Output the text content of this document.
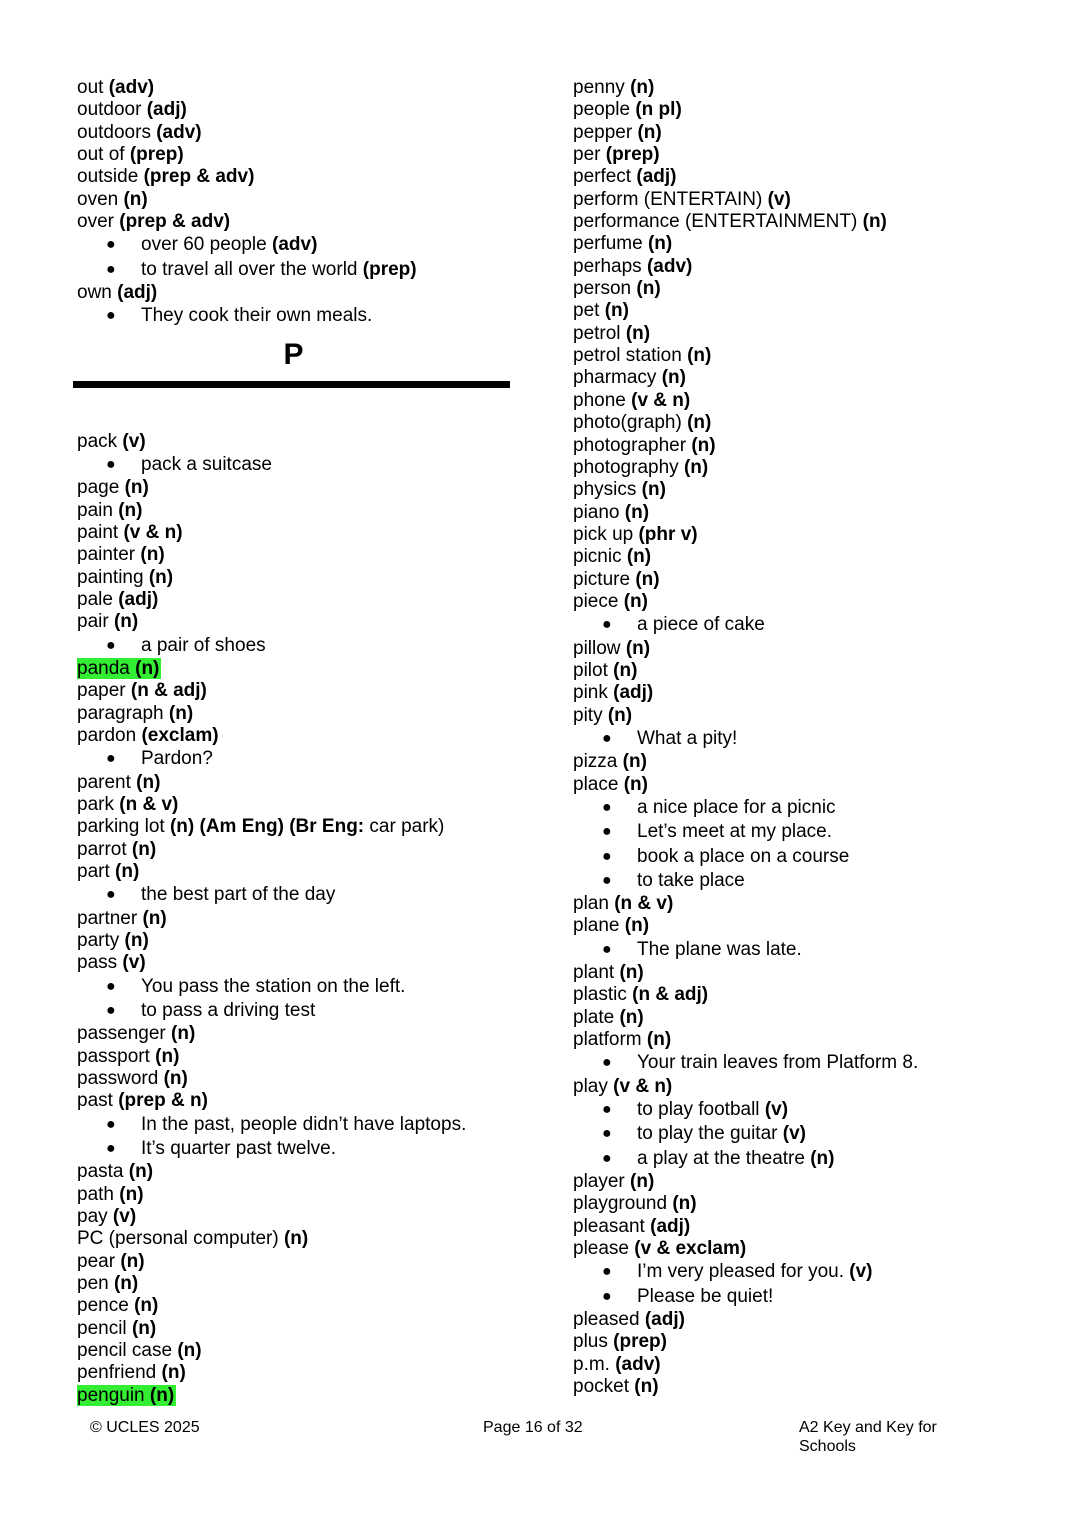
out (adv)
outdoor (adj)
outdoors (adv)
out of (prep)
outside (prep & adv)
oven (n)
over (prep & adv)
● over 60 people (adv)
● to travel all over the world (prep)
own (adj)
● They cook their own meals.
P
pack (v)
● pack a suitcase
page (n)
pain (n)
paint (v & n)
painter (n)
painting (n)
pale (adj)
pair (n)
● a pair of shoes
panda (n)
paper (n & adj)
paragraph (n)
pardon (exclam)
● Pardon?
parent (n)
park (n & v)
parking lot (n) (Am Eng) (Br Eng: car park)
parrot (n)
part (n)
● the best part of the day
partner (n)
party (n)
pass (v)
● You pass the station on the left.
● to pass a driving test
passenger (n)
passport (n)
password (n)
past (prep & n)
● In the past, people didn’t have laptops.
● It’s quarter past twelve.
pasta (n)
path (n)
pay (v)
PC (personal computer) (n)
pear (n)
pen (n)
pence (n)
pencil (n)
pencil case (n)
penfriend (n)
penguin (n)
penny (n)
people (n pl)
pepper (n)
per (prep)
perfect (adj)
perform (ENTERTAIN) (v)
performance (ENTERTAINMENT) (n)
perfume (n)
perhaps (adv)
person (n)
pet (n)
petrol (n)
petrol station (n)
pharmacy (n)
phone (v & n)
photo(graph) (n)
photographer (n)
photography (n)
physics (n)
piano (n)
pick up (phr v)
picnic (n)
picture (n)
piece (n)
● a piece of cake
pillow (n)
pilot (n)
pink (adj)
pity (n)
● What a pity!
pizza (n)
place (n)
● a nice place for a picnic
● Let’s meet at my place.
● book a place on a course
● to take place
plan (n & v)
plane (n)
● The plane was late.
plant (n)
plastic (n & adj)
plate (n)
platform (n)
● Your train leaves from Platform 8.
play (v & n)
● to play football (v)
● to play the guitar (v)
● a play at the theatre (n)
player (n)
playground (n)
pleasant (adj)
please (v & exclam)
● I’m very pleased for you. (v)
● Please be quiet!
pleased (adj)
plus (prep)
p.m. (adv)
pocket (n)
© UCLES 2025	Page 16 of 32	A2 Key and Key for Schools
